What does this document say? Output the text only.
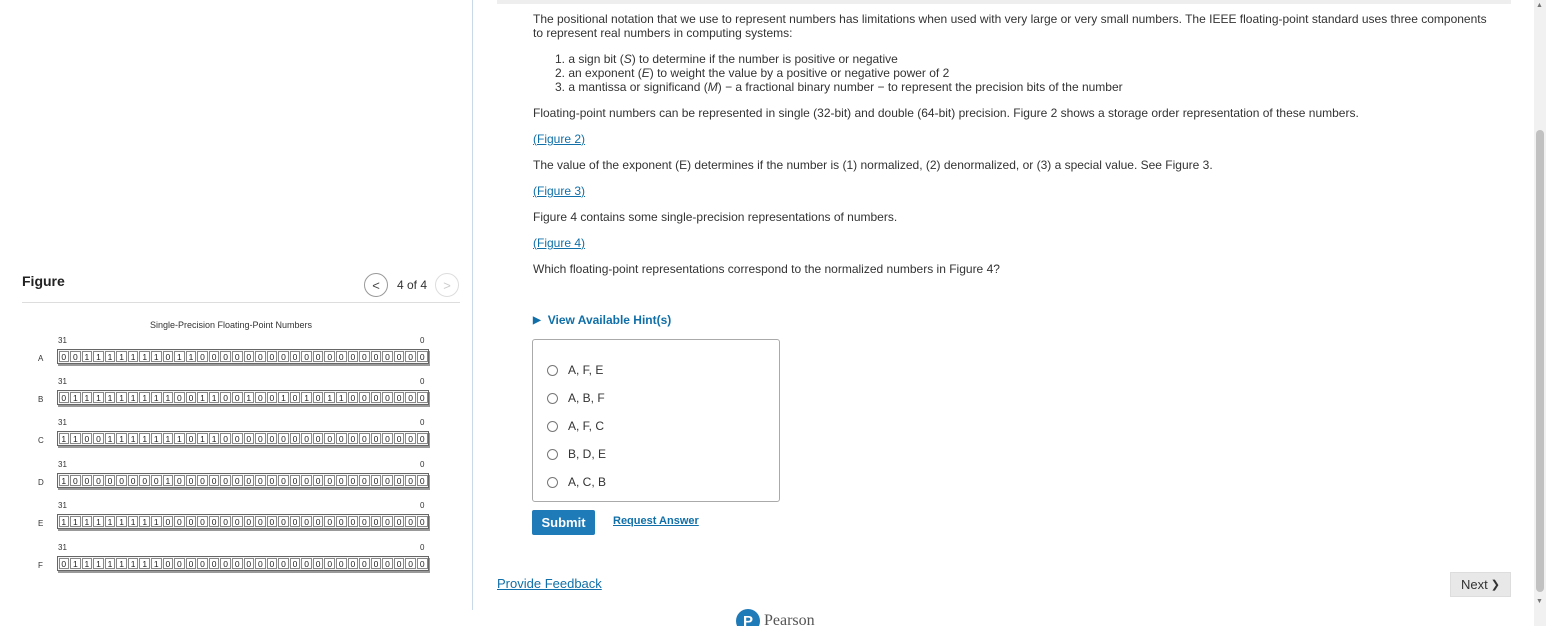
Figure	< 4 of 4 >
Single-Precision Floating-Point Numbers
31	0
A	0 0 1 1 1 1 1 1 1 0 1 1 0 0 0 0 0 0 0 0 0 0 0 0 0 0 0 0 0 0 0 0
31	0
B	0 1 1 1 1 1 1 1 1 1 0 0 1 1 0 0 1 0 0 1 0 1 0 1 1 0 0 0 0 0 0 0
31	0
C	1 1 0 0 1 1 1 1 1 1 1 0 1 1 0 0 0 0 0 0 0 0 0 0 0 0 0 0 0 0 0 0
31	0
D	1 0 0 0 0 0 0 0 0 1 0 0 0 0 0 0 0 0 0 0 0 0 0 0 0 0 0 0 0 0 0 0
31	0
E	1 1 1 1 1 1 1 1 1 0 0 0 0 0 0 0 0 0 0 0 0 0 0 0 0 0 0 0 0 0 0 0
31	0
F	0 1 1 1 1 1 1 1 1 0 0 0 0 0 0 0 0 0 0 0 0 0 0 0 0 0 0 0 0 0 0 0

The positional notation that we use to represent numbers has limitations when used with very large or very small numbers. The IEEE floating-point standard uses three components to represent real numbers in computing systems:

1. a sign bit (S) to determine if the number is positive or negative
2. an exponent (E) to weight the value by a positive or negative power of 2
3. a mantissa or significand (M) − a fractional binary number − to represent the precision bits of the number

Floating-point numbers can be represented in single (32-bit) and double (64-bit) precision. Figure 2 shows a storage order representation of these numbers.

(Figure 2)

The value of the exponent (E) determines if the number is (1) normalized, (2) denormalized, or (3) a special value. See Figure 3.

(Figure 3)

Figure 4 contains some single-precision representations of numbers.

(Figure 4)

Which floating-point representations correspond to the normalized numbers in Figure 4?

▶ View Available Hint(s)
A, F, E
A, B, F
A, F, C
B, D, E
A, C, B
Submit	Request Answer
Provide Feedback	Next ❯
P Pearson
▲
▼
